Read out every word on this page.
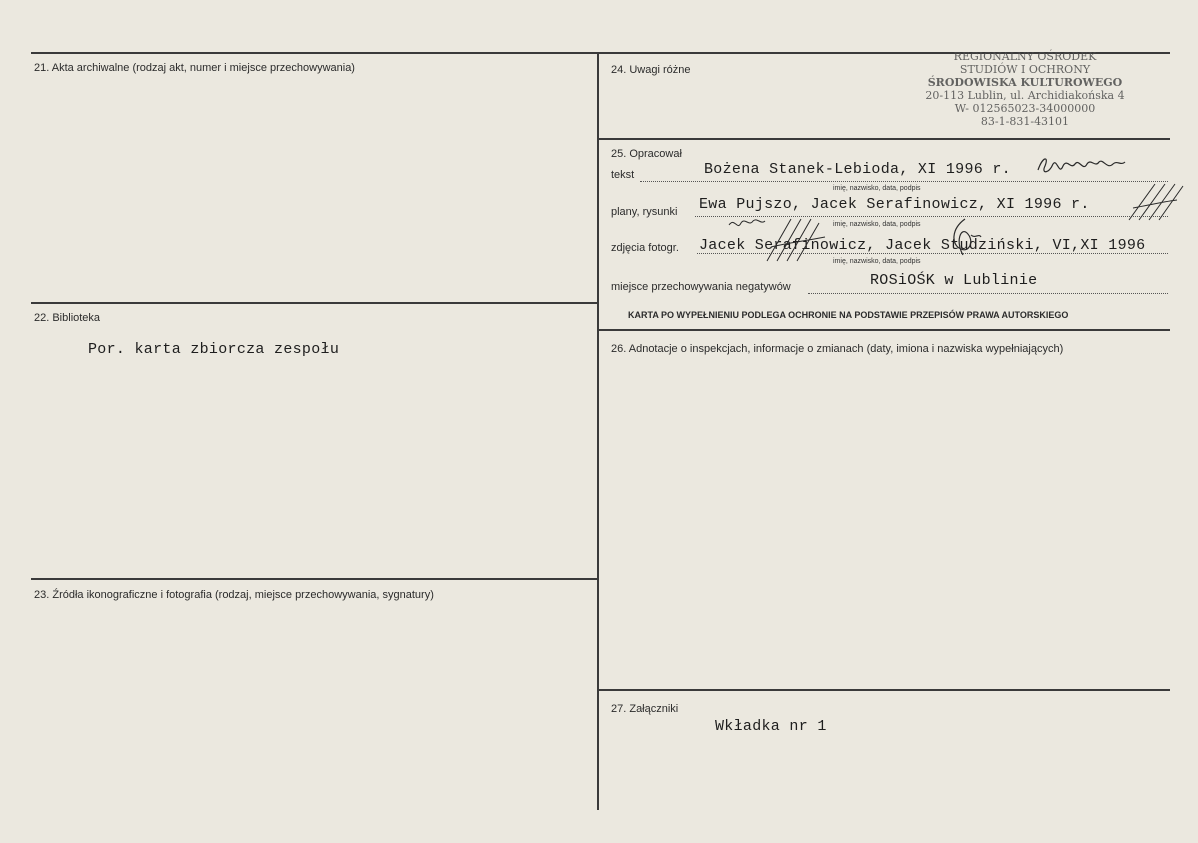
21. Akta archiwalne (rodzaj akt, numer i miejsce przechowywania)
22. Biblioteka
Por. karta zbiorcza zespołu
23. Źródła ikonograficzne i fotografia (rodzaj, miejsce przechowywania, sygnatury)
24. Uwagi różne
REGIONALNY OŚRODEK
STUDIÓW I OCHRONY
ŚRODOWISKA KULTUROWEGO
20-113 Lublin, ul. Archidiakońska 4
W- 012565023-34000000
83-1-831-43101
25. Opracował
tekst	Bożena Stanek-Lebioda, XI 1996 r.
imię, nazwisko, data, podpis
plany, rysunki Ewa Pujszo, Jacek Serafinowicz, XI 1996 r.
imię, nazwisko, data, podpis
zdjęcia fotogr. Jacek Serafinowicz, Jacek Studziński, VI,XI 1996
imię, nazwisko, data, podpis
miejsce przechowywania negatywów	ROSiOŚK w Lublinie
KARTA PO WYPEŁNIENIU PODLEGA OCHRONIE NA PODSTAWIE PRZEPISÓW PRAWA AUTORSKIEGO
26. Adnotacje o inspekcjach, informacje o zmianach (daty, imiona i nazwiska wypełniających)
27. Załączniki
Wkładka nr 1
